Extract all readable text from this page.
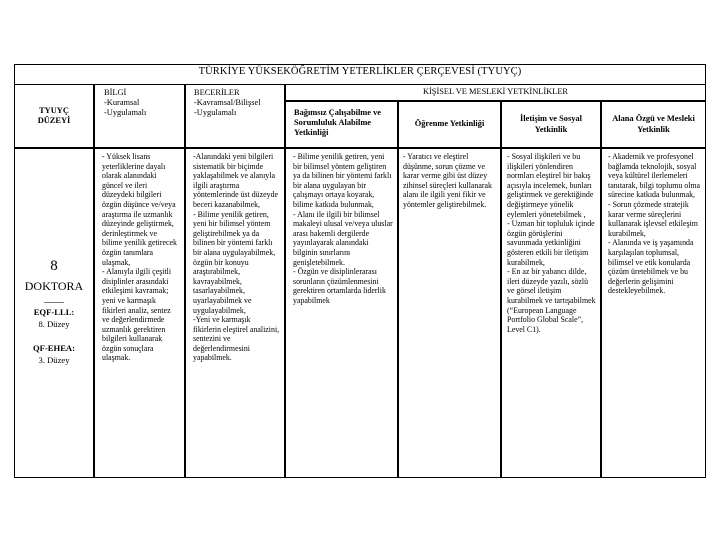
TÜRKİYE YÜKSEKÖĞRETİM YETERLİKLER ÇERÇEVESİ (TYUYÇ)
TYUYÇ
DÜZEYİ
BİLGİ
-Kuramsal
-Uygulamalı
BECERİLER
-Kavramsal/Bilişsel
-Uygulamalı
KİŞİSEL VE MESLEKİ YETKİNLİKLER
Bağımsız Çalışabilme ve Sorumluluk Alabilme Yetkinliği
Öğrenme Yetkinliği
İletişim ve Sosyal Yetkinlik
Alana Özgü ve Mesleki Yetkinlik
8
DOKTORA
____
EQF-LLL:
8. Düzey
QF-EHEA:
3. Düzey
- Yüksek lisans yeterliklerine dayalı olarak alanındaki güncel ve ileri düzeydeki bilgileri özgün düşünce ve/veya araştırma ile uzmanlık düzeyinde geliştirmek, derinleştirmek ve bilime yenilik getirecek özgün tanımlara ulaşmak,
- Alanıyla ilgili çeşitli disiplinler arasındaki etkileşimi kavramak; yeni ve karmaşık fikirleri analiz, sentez ve değerlendirmede uzmanlık gerektiren bilgileri kullanarak özgün sonuçlara ulaşmak.
-Alanındaki yeni bilgileri sistematik bir biçimde yaklaşabilmek ve alanıyla ilgili araştırma yöntemlerinde üst düzeyde beceri kazanabilmek,
- Bilime yenilik getiren, yeni bir bilimsel yöntem geliştirebilmek ya da bilinen bir yöntemi farklı bir alana uygulayabilmek, özgün bir konuyu araştırabilmek, kavrayabilmek, tasarlayabilmek, uyarlayabilmek ve uygulayabilmek,
-Yeni ve karmaşık fikirlerin eleştirel analizini, sentezini ve değerlendirmesini yapabilmek.
- Bilime yenilik getiren, yeni bir bilimsel yöntem geliştiren ya da bilinen bir yöntemi farklı bir alana uygulayan bir çalışmayı ortaya koyarak, bilime katkıda bulunmak,
- Alanı ile ilgili bir bilimsel makaleyi ulusal ve/veya uluslar arası hakemli dergilerde yayınlayarak alanındaki bilginin sınırlarını genişletebilmek.
- Özgün ve disiplinlerarası sorunların çözümlenmesini gerektiren ortamlarda liderlik yapabilmek
- Yaratıcı ve eleştirel düşünme, sorun çözme ve karar verme gibi üst düzey zihinsel süreçleri kullanarak alanı ile ilgili yeni fikir ve yöntemler geliştirebilmek.
- Sosyal ilişkileri ve bu ilişkileri yönlendiren normları eleştirel bir bakış açısıyla incelemek, bunları geliştirmek ve gerektiğinde değiştirmeye yönelik eylemleri yönetebilmek ,
- Uzman bir topluluk içinde özgün görüşlerini savunmada yetkinliğini gösteren etkili bir iletişim kurabilmek,
- En az bir yabancı dilde, ileri düzeyde yazılı, sözlü ve görsel iletişim kurabilmek ve tartışabilmek (“European Language Portfolio Global Scale”, Level C1).
- Akademik ve profesyonel bağlamda teknolojik, sosyal veya kültürel ilerlemeleri tanıtarak, bilgi toplumu olma sürecine katkıda bulunmak,
- Sorun çözmede stratejik karar verme süreçlerini kullanarak işlevsel etkileşim kurabilmek,
- Alanında ve iş yaşamında karşılaşılan toplumsal, bilimsel ve etik konularda çözüm üretebilmek ve bu değerlerin gelişimini destekleyebilmek.
